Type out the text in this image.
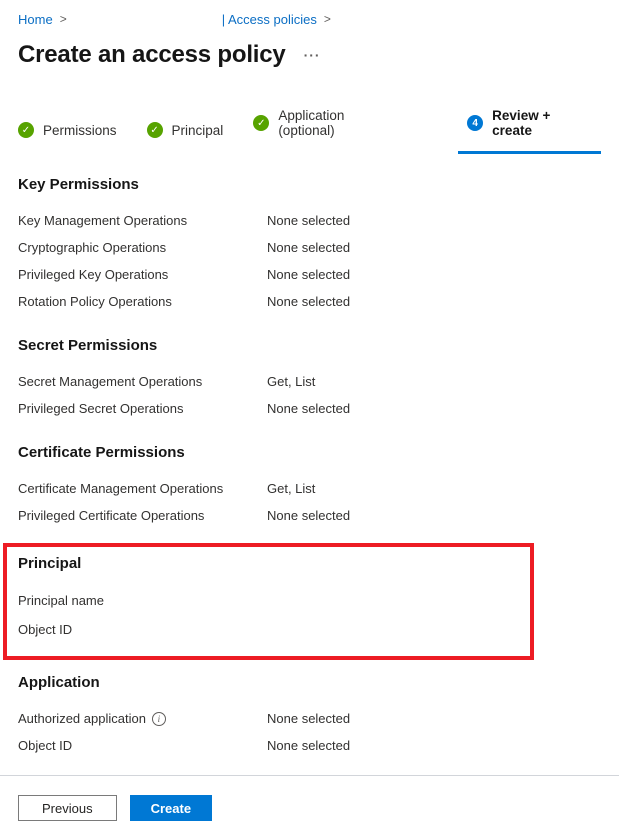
Home >	| Access policies >
Create an access policy ···
✓ Permissions	✓ Principal	✓ Application (optional)	4	Review + create
Key Permissions
Key Management Operations	None selected
Cryptographic Operations	None selected
Privileged Key Operations	None selected
Rotation Policy Operations	None selected
Secret Permissions
Secret Management Operations	Get, List
Privileged Secret Operations	None selected
Certificate Permissions
Certificate Management Operations	Get, List
Privileged Certificate Operations	None selected
Principal
Principal name
Object ID
Application
Authorized application	i	None selected
Object ID	None selected
Previous	Create
